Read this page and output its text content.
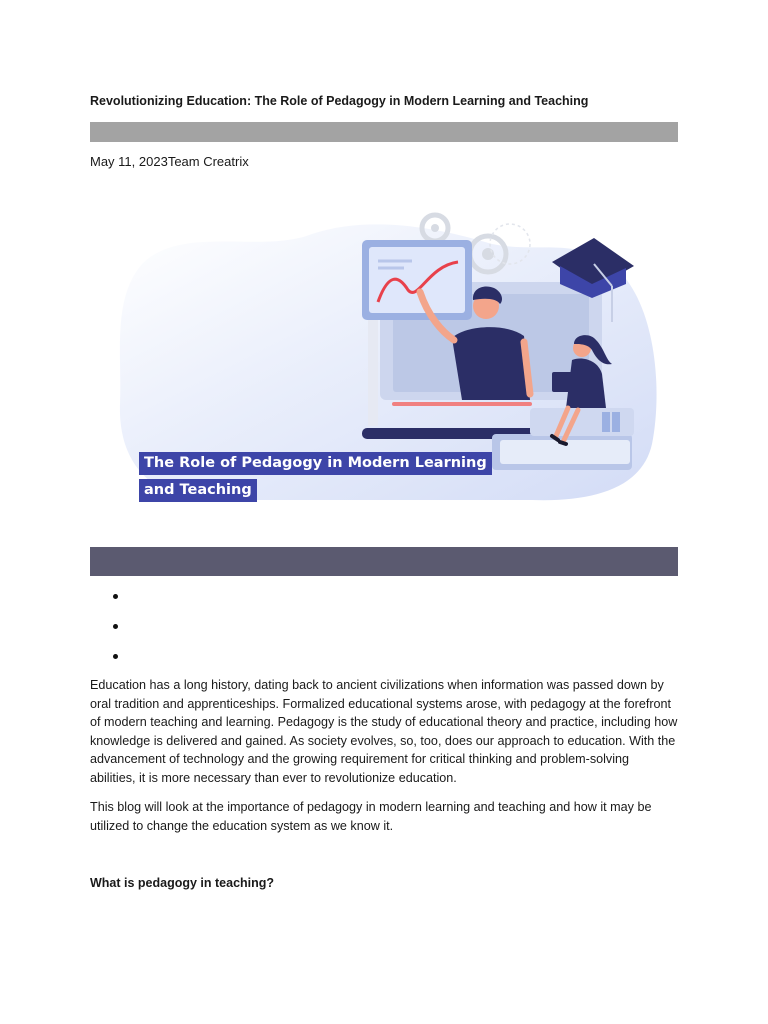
Revolutionizing Education: The Role of Pedagogy in Modern Learning and Teaching
May 11, 2023Team Creatrix
The Role of Pedagogy in Modern Learning
and Teaching

Education has a long history, dating back to ancient civilizations when information was passed down by oral tradition and apprenticeships. Formalized educational systems arose, with pedagogy at the forefront of modern teaching and learning. Pedagogy is the study of educational theory and practice, including how knowledge is delivered and gained. As society evolves, so, too, does our approach to education. With the advancement of technology and the growing requirement for critical thinking and problem-solving abilities, it is more necessary than ever to revolutionize education.

This blog will look at the importance of pedagogy in modern learning and teaching and how it may be utilized to change the education system as we know it.

What is pedagogy in teaching?
